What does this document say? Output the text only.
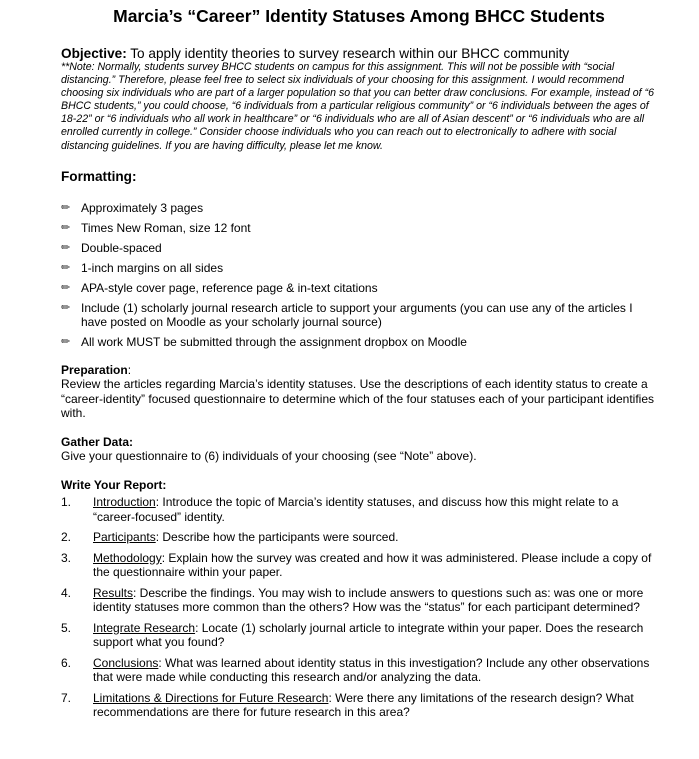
Marcia’s “Career” Identity Statuses Among BHCC Students
Objective: To apply identity theories to survey research within our BHCC community
**Note: Normally, students survey BHCC students on campus for this assignment. This will not be possible with “social distancing.” Therefore, please feel free to select six individuals of your choosing for this assignment. I would recommend choosing six individuals who are part of a larger population so that you can better draw conclusions. For example, instead of “6 BHCC students,” you could choose, “6 individuals from a particular religious community” or “6 individuals between the ages of 18-22” or “6 individuals who all work in healthcare” or “6 individuals who are all of Asian descent” or “6 individuals who are all enrolled currently in college.” Consider choose individuals who you can reach out to electronically to adhere with social distancing guidelines. If you are having difficulty, please let me know.
Formatting:
✏ Approximately 3 pages
✏ Times New Roman, size 12 font
✏ Double-spaced
✏ 1-inch margins on all sides
✏ APA-style cover page, reference page & in-text citations
✏ Include (1) scholarly journal research article to support your arguments (you can use any of the articles I have posted on Moodle as your scholarly journal source)
✏ All work MUST be submitted through the assignment dropbox on Moodle
Preparation:
Review the articles regarding Marcia’s identity statuses. Use the descriptions of each identity status to create a “career-identity” focused questionnaire to determine which of the four statuses each of your participant identifies with.
Gather Data:
Give your questionnaire to (6) individuals of your choosing (see “Note” above).
Write Your Report:
1.	Introduction: Introduce the topic of Marcia’s identity statuses, and discuss how this might relate to a “career-focused” identity.
2.	Participants: Describe how the participants were sourced.
3.	Methodology: Explain how the survey was created and how it was administered. Please include a copy of the questionnaire within your paper.
4.	Results: Describe the findings. You may wish to include answers to questions such as: was one or more identity statuses more common than the others? How was the “status” for each participant determined?
5.	Integrate Research: Locate (1) scholarly journal article to integrate within your paper. Does the research support what you found?
6.	Conclusions: What was learned about identity status in this investigation? Include any other observations that were made while conducting this research and/or analyzing the data.
7.	Limitations & Directions for Future Research: Were there any limitations of the research design? What recommendations are there for future research in this area?
